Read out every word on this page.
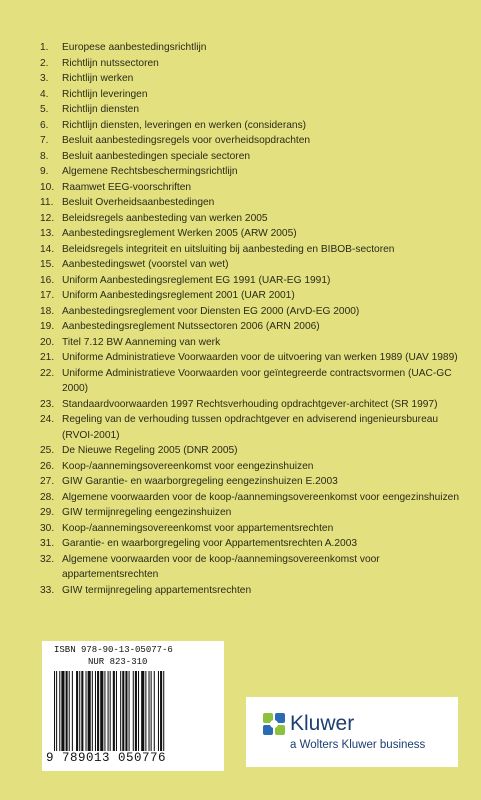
1.	Europese aanbestedingsrichtlijn
2.	Richtlijn nutssectoren
3.	Richtlijn werken
4.	Richtlijn leveringen
5.	Richtlijn diensten
6.	Richtlijn diensten, leveringen en werken (considerans)
7.	Besluit aanbestedingsregels voor overheidsopdrachten
8.	Besluit aanbestedingen speciale sectoren
9.	Algemene Rechtsbeschermingsrichtlijn
10. Raamwet EEG-voorschriften
11. Besluit Overheidsaanbestedingen
12. Beleidsregels aanbesteding van werken 2005
13. Aanbestedingsreglement Werken 2005 (ARW 2005)
14. Beleidsregels integriteit en uitsluiting bij aanbesteding en BIBOB-sectoren
15. Aanbestedingswet (voorstel van wet)
16. Uniform Aanbestedingsreglement EG 1991 (UAR-EG 1991)
17. Uniform Aanbestedingsreglement 2001 (UAR 2001)
18. Aanbestedingsreglement voor Diensten EG 2000 (ArvD-EG 2000)
19. Aanbestedingsreglement Nutssectoren 2006 (ARN 2006)
20. Titel 7.12 BW Aanneming van werk
21. Uniforme Administratieve Voorwaarden voor de uitvoering van werken 1989 (UAV 1989)
22. Uniforme Administratieve Voorwaarden voor geïntegreerde contractsvormen (UAC-GC 2000)
23. Standaardvoorwaarden 1997 Rechtsverhouding opdrachtgever-architect (SR 1997)
24. Regeling van de verhouding tussen opdrachtgever en adviserend ingenieursbureau (RVOI-2001)
25. De Nieuwe Regeling 2005 (DNR 2005)
26. Koop-/aannemingsovereenkomst voor eengezinshuizen
27. GIW Garantie- en waarborgregeling eengezinshuizen E.2003
28. Algemene voorwaarden voor de koop-/aannemingsovereenkomst voor eengezinshuizen
29. GIW termijnregeling eengezinshuizen
30. Koop-/aannemingsovereenkomst voor appartementsrechten
31. Garantie- en waarborgregeling voor Appartementsrechten A.2003
32. Algemene voorwaarden voor de koop-/aannemingsovereenkomst voor appartementsrechten
33. GIW termijnregeling appartementsrechten
ISBN 978-90-13-05077-6
NUR 823-310
9 789013 050776
Kluwer
a Wolters Kluwer business
